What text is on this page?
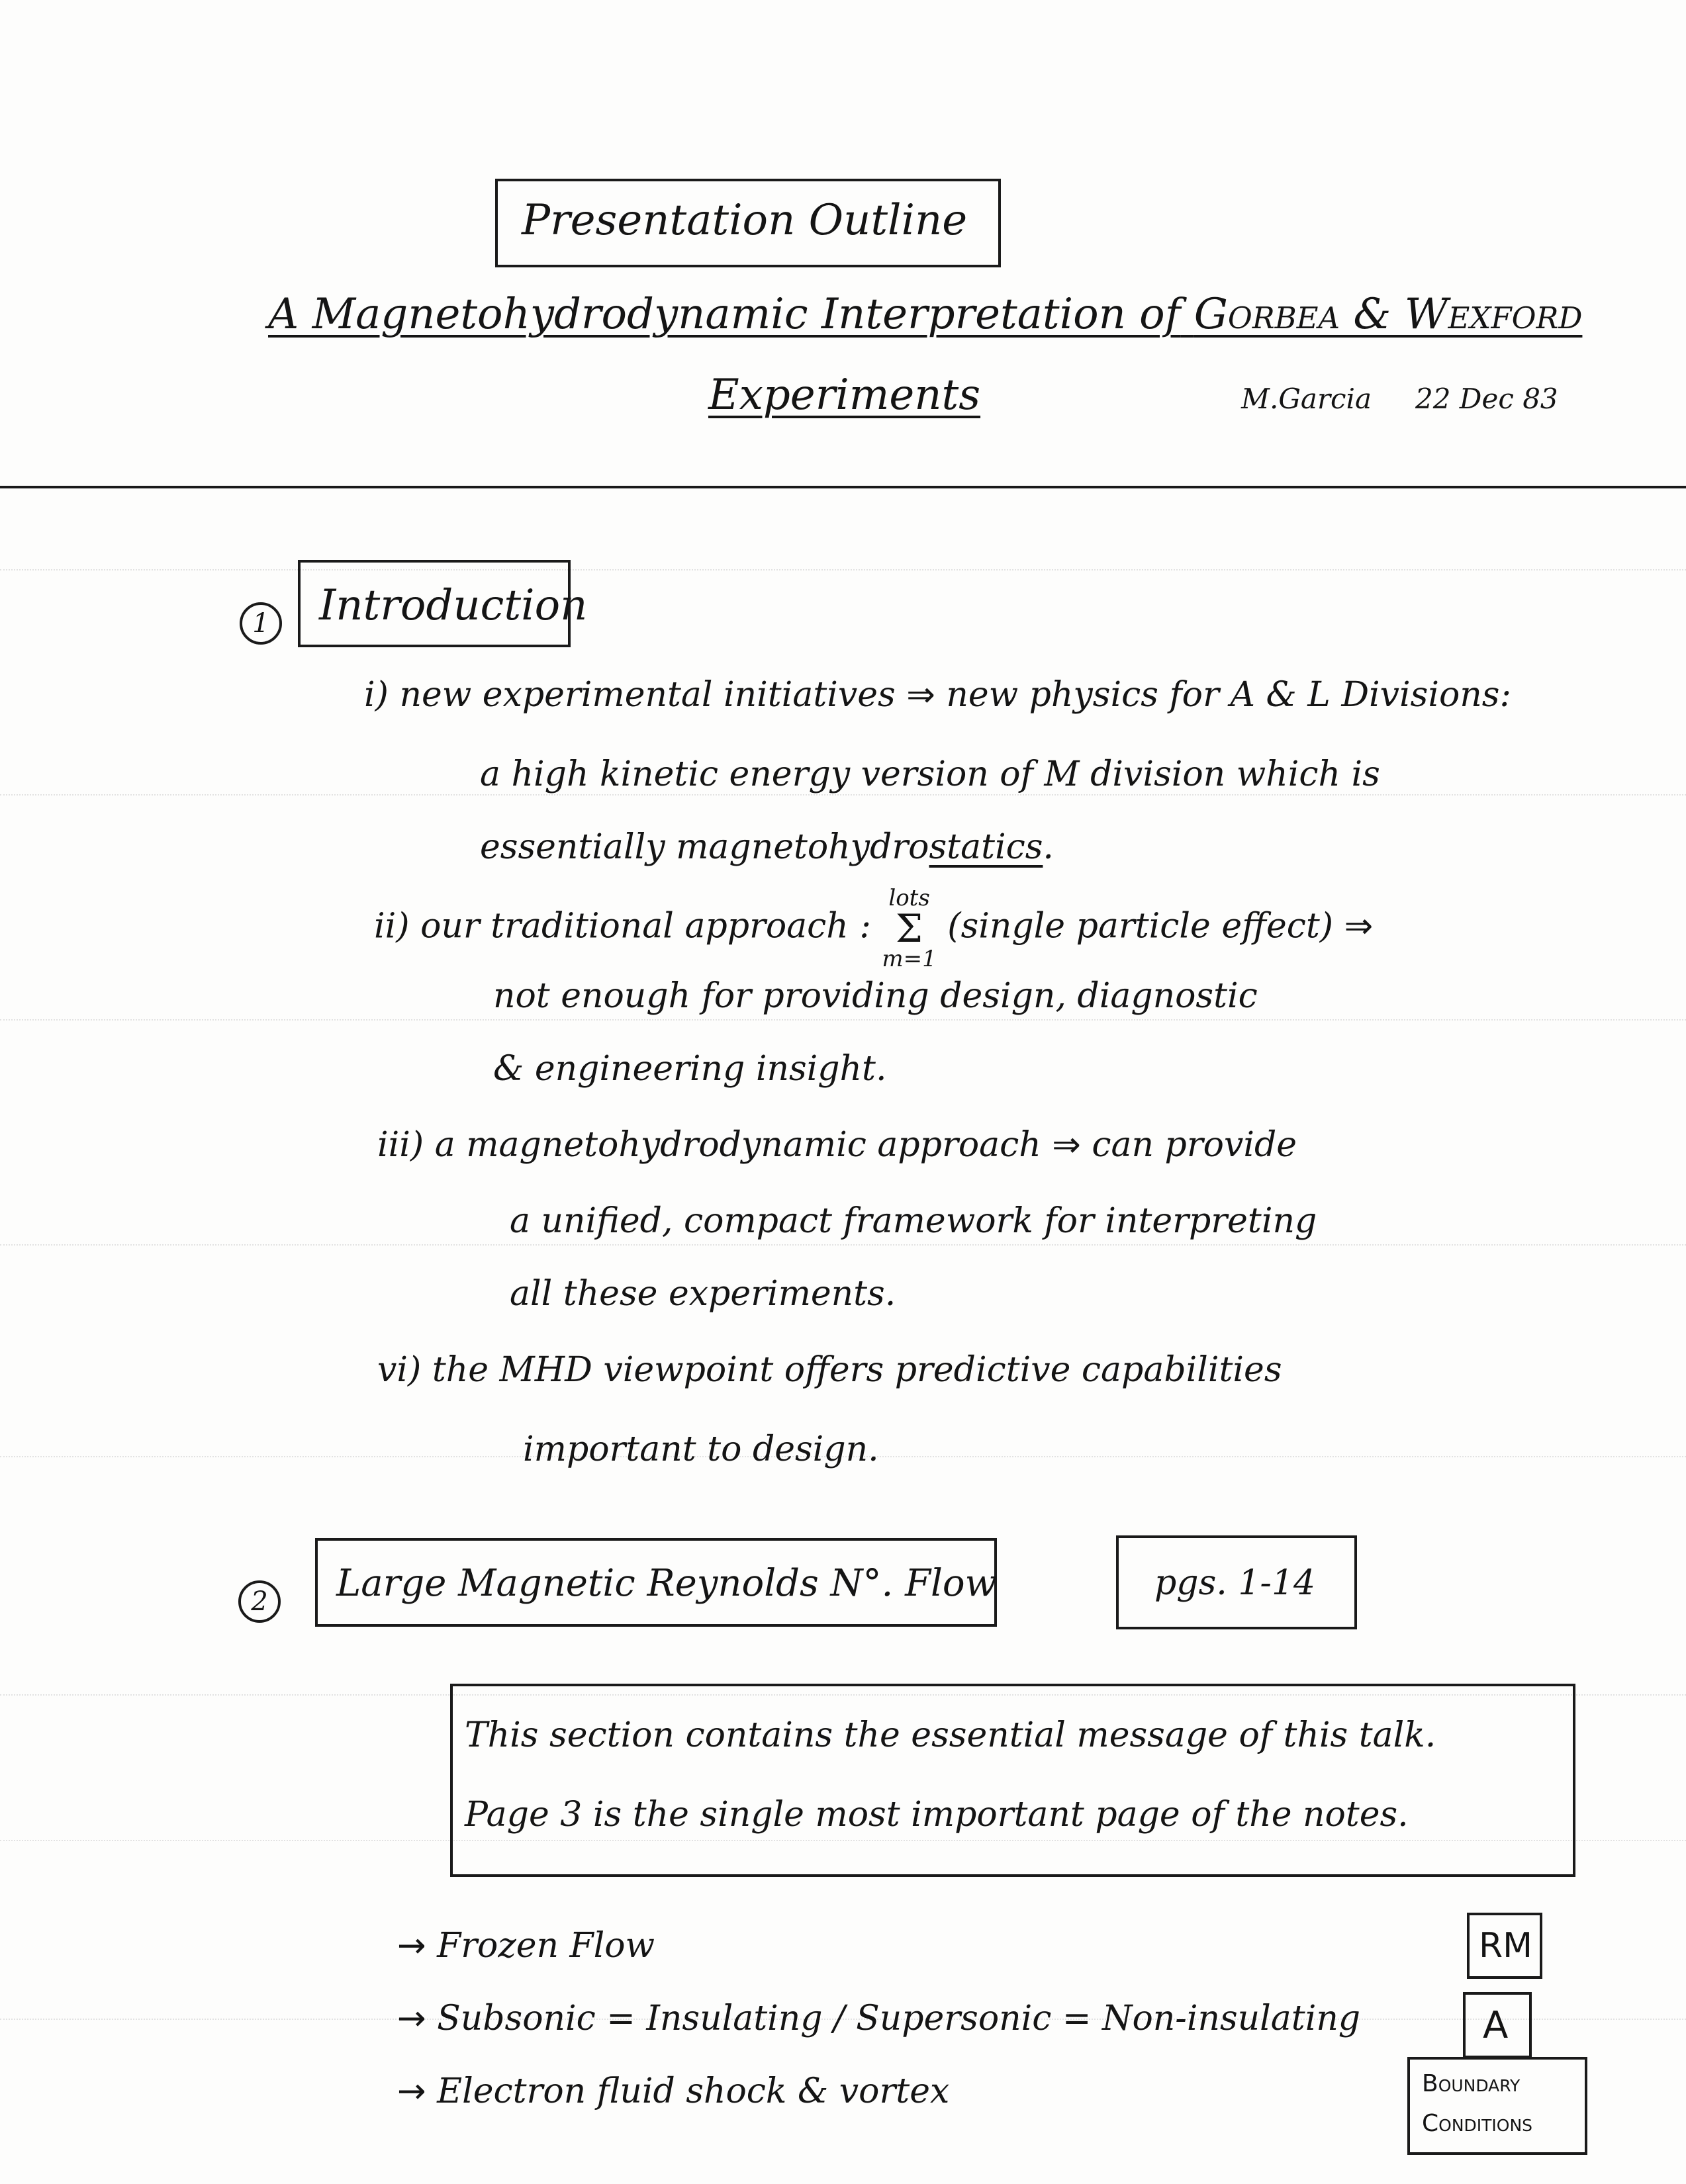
Presentation Outline
A Magnetohydrodynamic Interpretation of Gorbea & Wexford
Experiments	M.Garcia 22 Dec 83
1	Introduction
i) new experimental initiatives ⇒ new physics for A & L Divisions:
a high kinetic energy version of M division which is
essentially magnetohydrostatics.
ii) our traditional approach :
lots
Σ
m=1
(single particle effect) ⇒
not enough for providing design, diagnostic
& engineering insight.
iii) a magnetohydrodynamic approach ⇒ can provide
a unified, compact framework for interpreting
all these experiments.
vi) the MHD viewpoint offers predictive capabilities
important to design.
2	Large Magnetic Reynolds N°. Flow	pgs. 1-14
This section contains the essential message of this talk.
Page 3 is the single most important page of the notes.
→ Frozen Flow
→ Subsonic = Insulating / Supersonic = Non-insulating
→ Electron fluid shock & vortex
RM
A
Boundary
Conditions
